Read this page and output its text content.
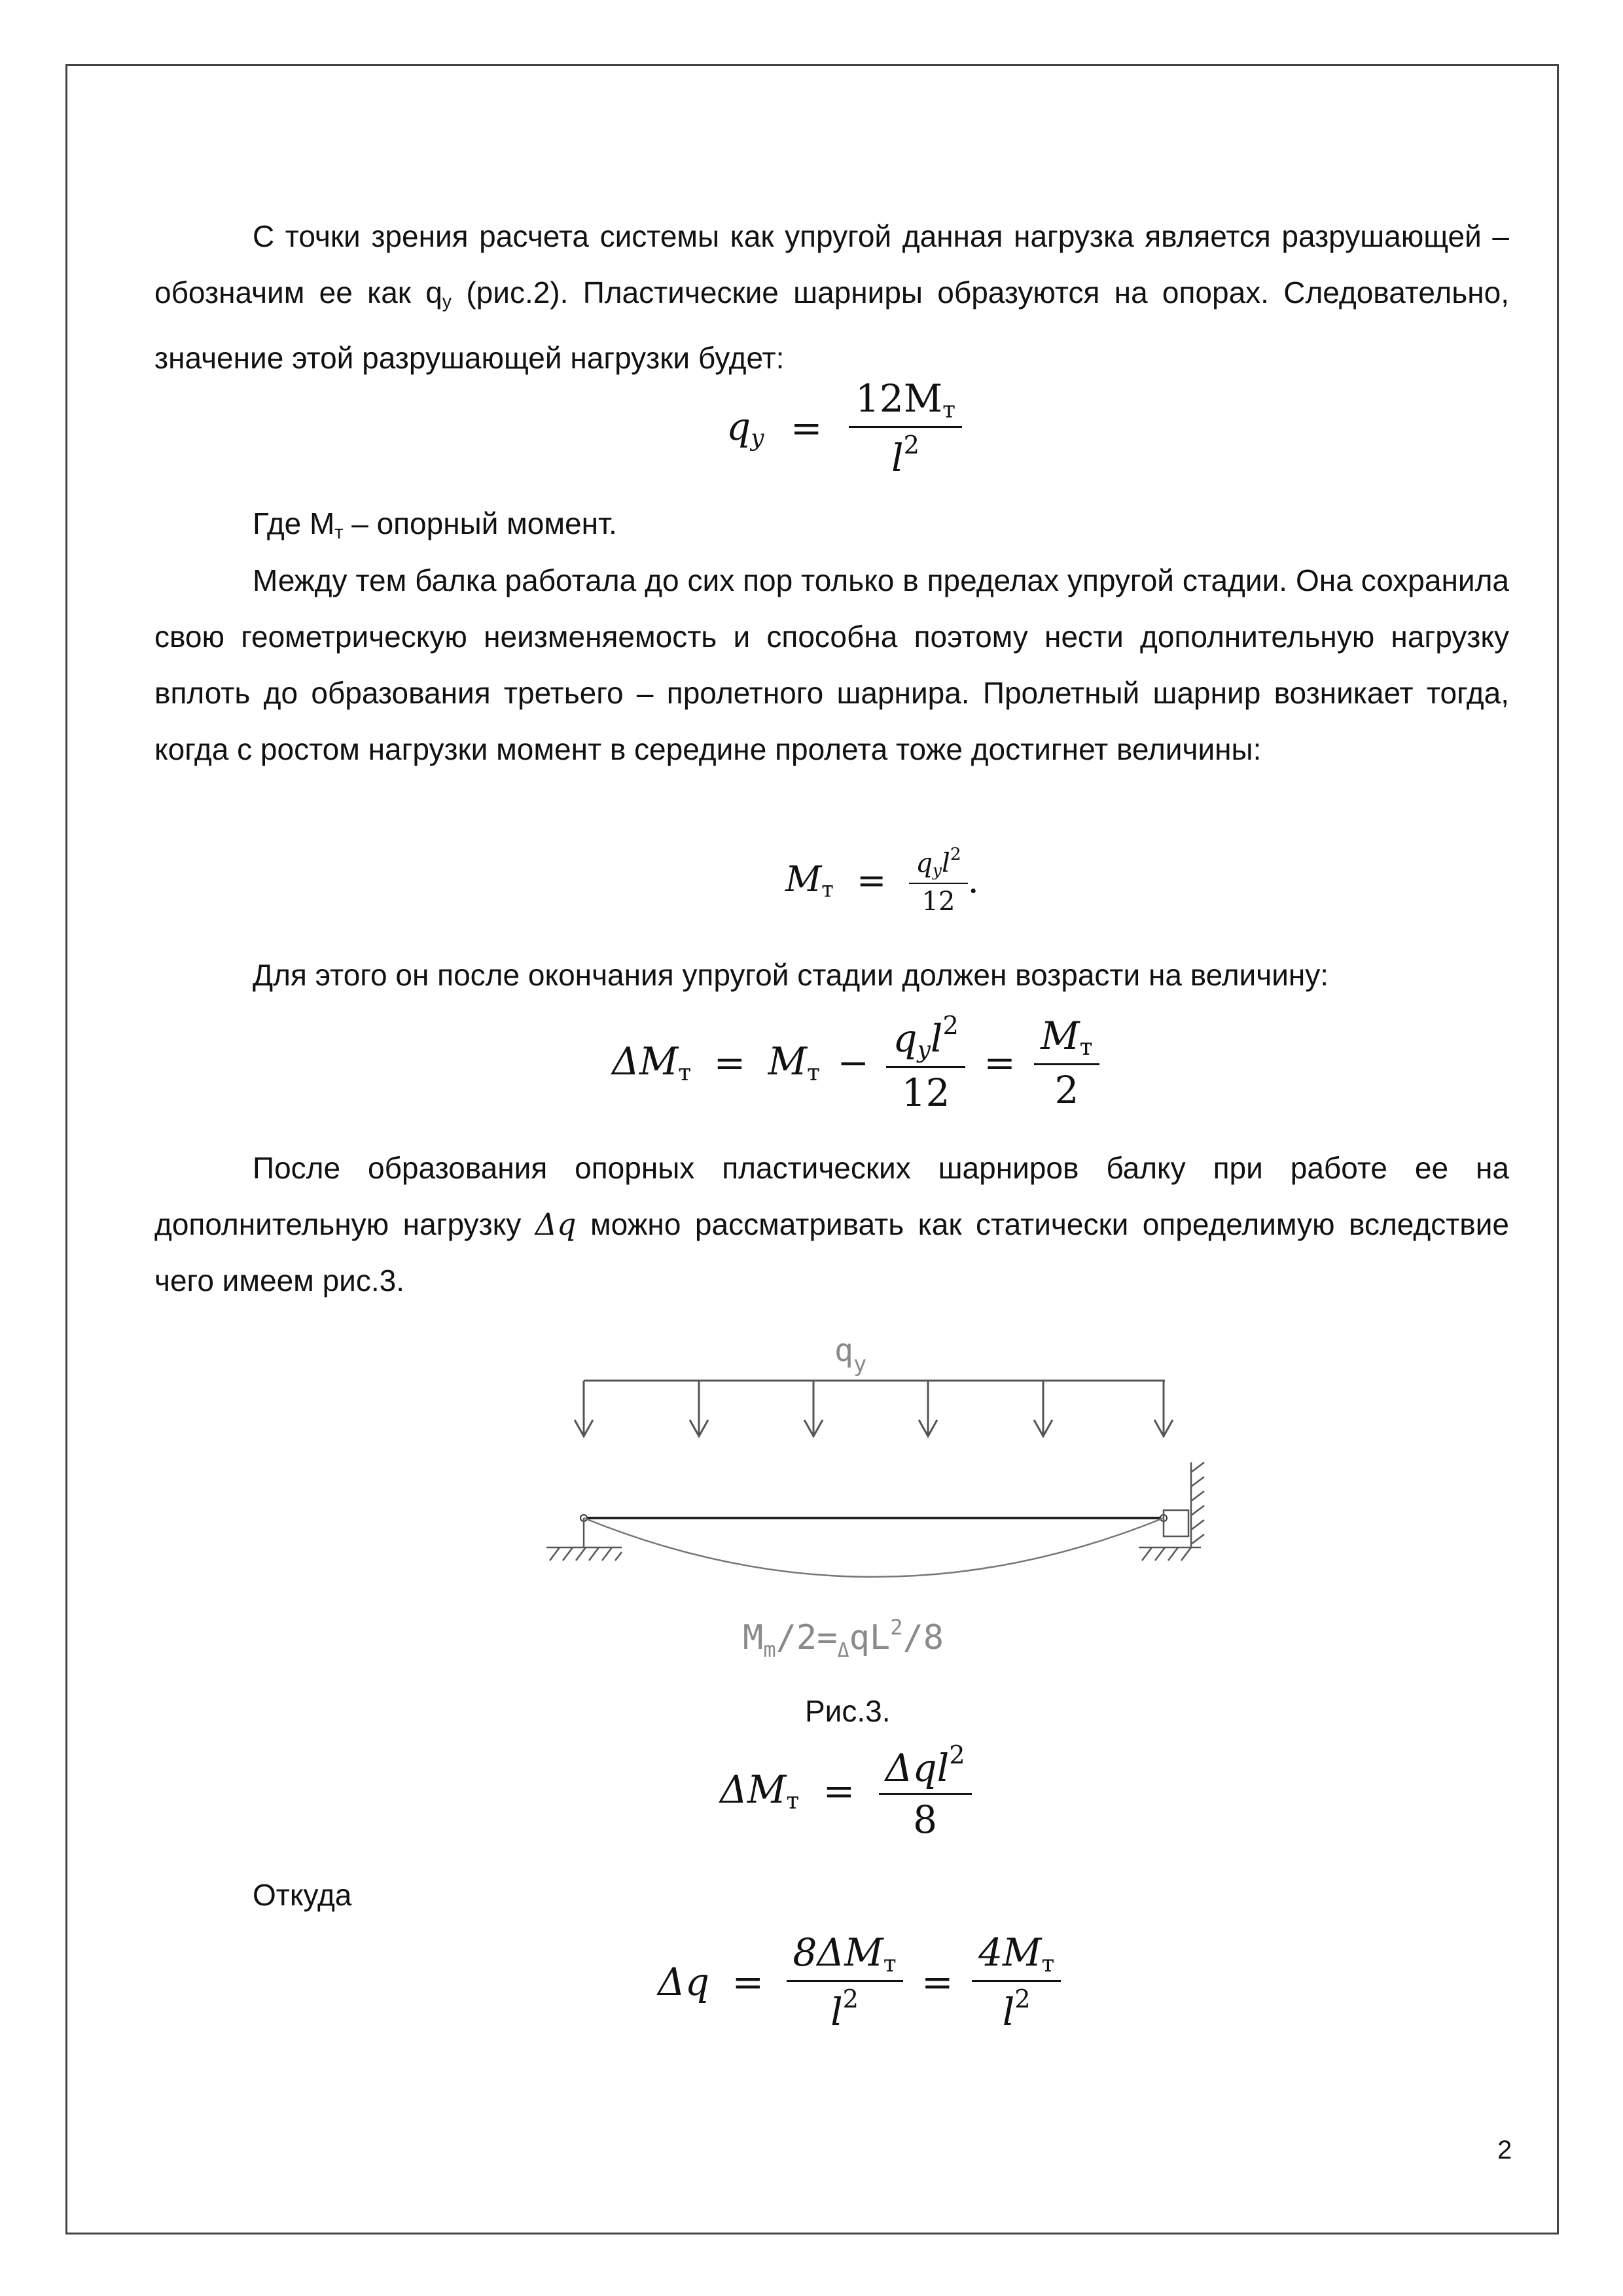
С точки зрения расчета системы как упругой данная нагрузка является разрушающей – обозначим ее как $q_y$ (рис.2). Пластические шарниры образуются на опорах. Следовательно, значение этой разрушающей нагрузки будет:
$q_y = \frac{12M_т}{l^2}$
Где $М_т$ – опорный момент.
Между тем балка работала до сих пор только в пределах упругой стадии. Она сохранила свою геометрическую неизменяемость и способна поэтому нести дополнительную нагрузку вплоть до образования третьего – пролетного шарнира. Пролетный шарнир возникает тогда, когда с ростом нагрузки момент в середине пролета тоже достигнет величины:
$M_т = \frac{q_yl^2}{12}$ .
Для этого он после окончания упругой стадии должен возрасти на величину:
$\Delta M_т = M_т - \frac{q_yl^2}{12} = \frac{M_т}{2}$
После образования опорных пластических шарниров балку при работе ее на дополнительную нагрузку Δq можно рассматривать как статически определимую вследствие чего имеем рис.3.
$q_y$
$M_m/2=_\Delta qL^2/8$
Рис.3.
$\Delta M_т = \frac{\Delta ql^2}{8}$
Откуда
$\Delta q = \frac{8\Delta M_т}{l^2} = \frac{4M_т}{l^2}$
2
